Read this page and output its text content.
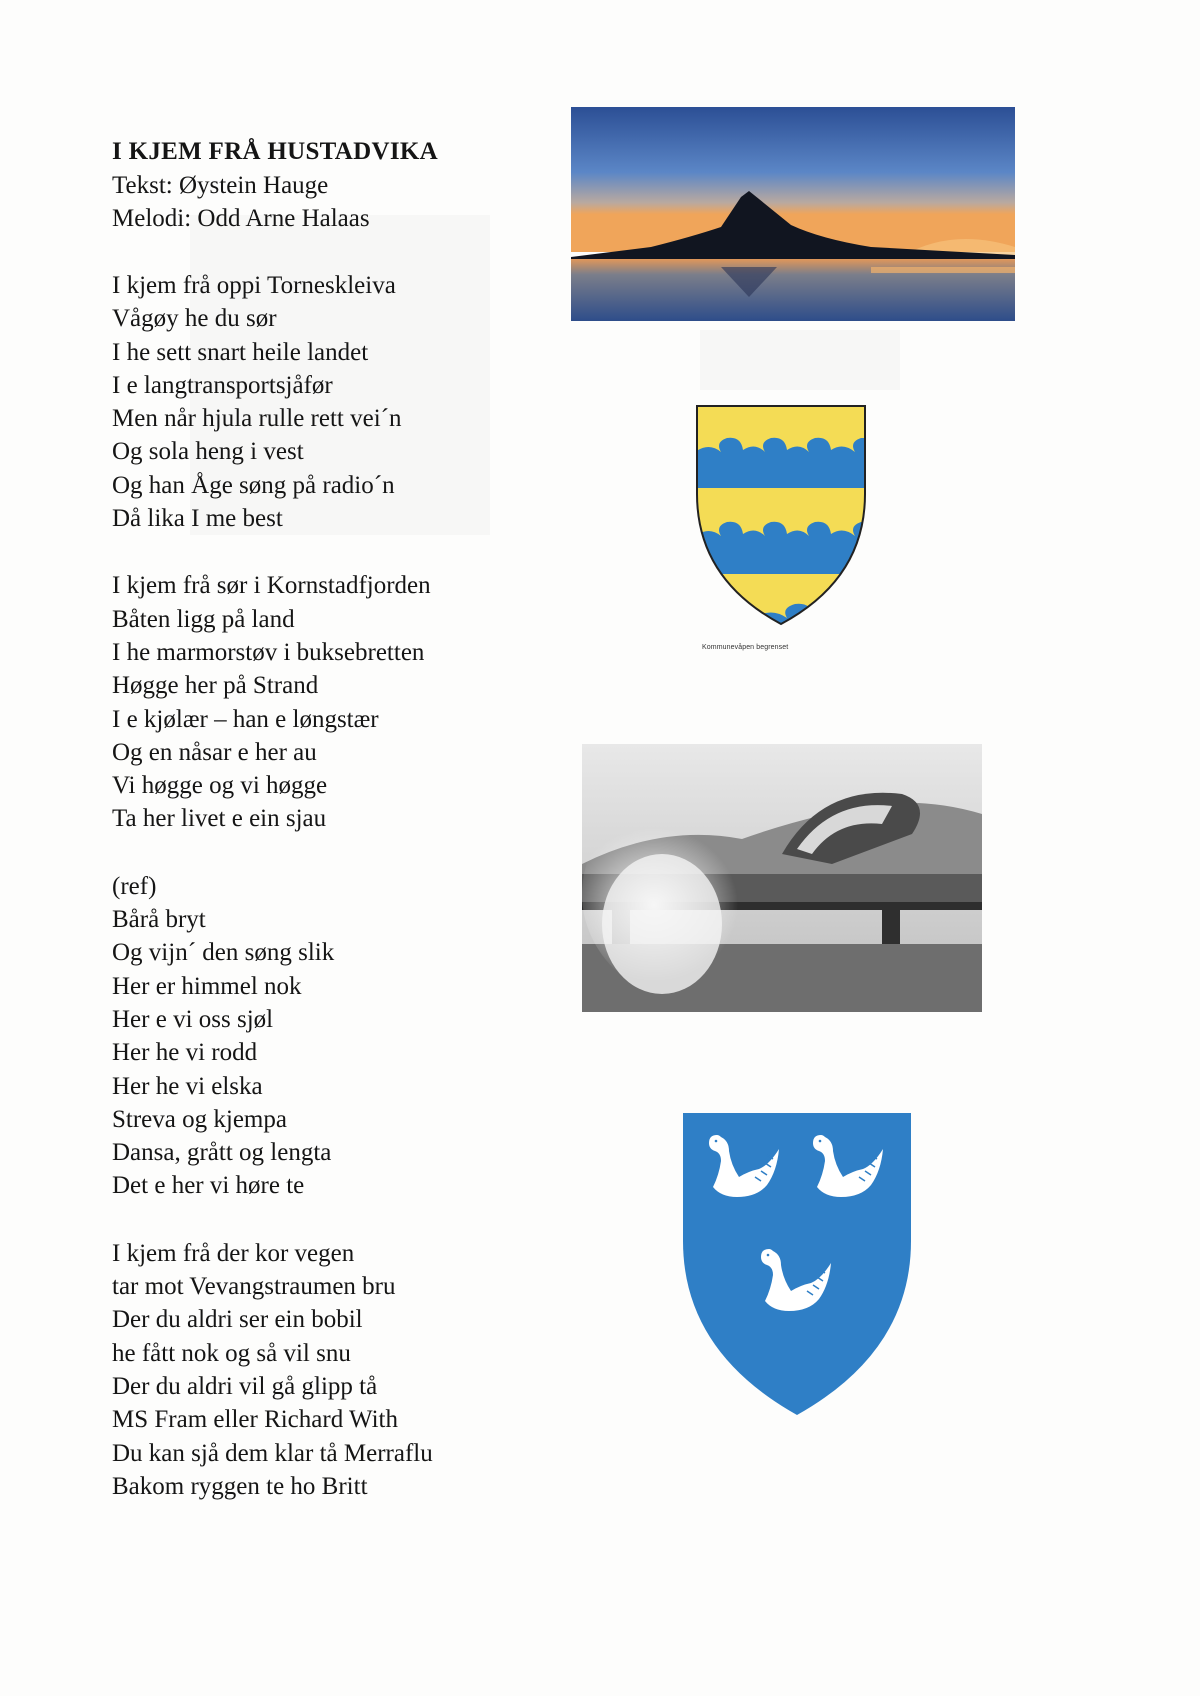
I KJEM FRÅ HUSTADVIKA
Tekst: Øystein Hauge
Melodi: Odd Arne Halaas
I kjem frå oppi Torneskleiva
Vågøy he du sør
I he sett snart heile landet
I e langtransportsjåfør
Men når hjula rulle rett vei´n
Og sola heng i vest
Og han Åge søng på radio´n
Då lika I me best
I kjem frå sør i Kornstadfjorden
Båten ligg på land
I he marmorstøv i buksebretten
Høgge her på Strand
I e kjølær – han e løngstær
Og en nåsar e her au
Vi høgge og vi høgge
Ta her livet e ein sjau
(ref)
Bårå bryt
Og vijn´ den søng slik
Her er himmel nok
Her e vi oss sjøl
Her he vi rodd
Her he vi elska
Streva og kjempa
Dansa, grått og lengta
Det e her vi høre te
I kjem frå der kor vegen
tar mot Vevangstraumen bru
Der du aldri ser ein bobil
he fått nok og så vil snu
Der du aldri vil gå glipp tå
MS Fram eller Richard With
Du kan sjå dem klar tå Merraflu
Bakom ryggen te ho Britt
Kommunevåpen begrenset
